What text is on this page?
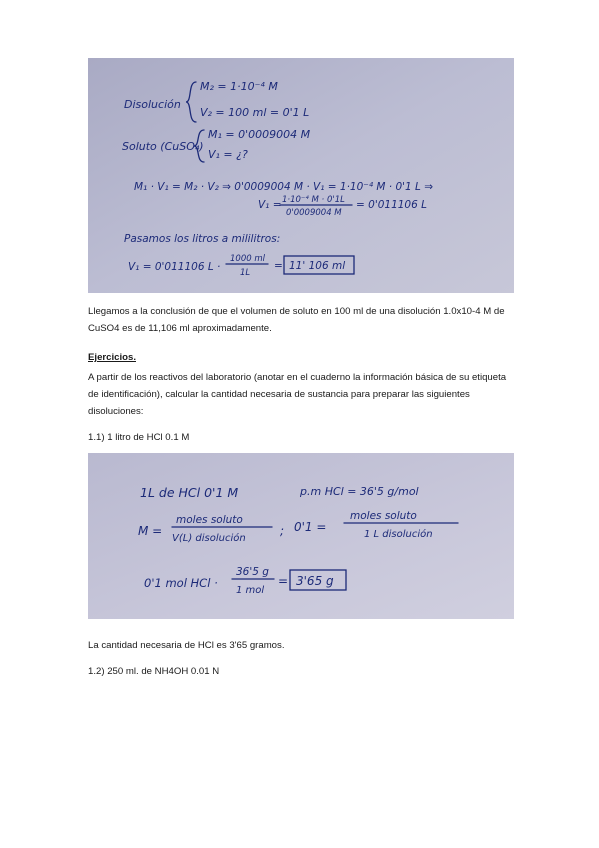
Disolución
M₂ = 1·10⁻⁴ M
V₂ = 100 ml = 0'1 L
Soluto (CuSO₄)
M₁ = 0'0009004 M
V₁ = ¿?
M₁ · V₁ = M₂ · V₂ ⇒ 0'0009004 M · V₁ = 1·10⁻⁴ M · 0'1 L ⇒
V₁ = 1·10⁻⁴ M · 0'1L
0'0009004 M
= 0'011106 L
Pasamos los litros a mililitros:
V₁ = 0'011106 L ·
1000 ml
1L
= 11' 106 ml

Llegamos a la conclusión de que el volumen de soluto en 100 ml de una disolución 1.0x10-4 M de CuSO4 es de 11,106 ml aproximadamente.

Ejercicios.

A partir de los reactivos del laboratorio (anotar en el cuaderno la información básica de su etiqueta de identificación), calcular la cantidad necesaria de sustancia para preparar las siguientes disoluciones:

1.1) 1 litro de HCl 0.1 M

1L de HCl 0'1 M	p.m HCl = 36'5 g/mol
M =
moles soluto
V(L) disolución
; 0'1 =
moles soluto
1 L disolución
0'1 mol HCl ·
36'5 g
1 mol
= 3'65 g

La cantidad necesaria de HCl es 3'65 gramos.

1.2) 250 ml. de NH4OH 0.01 N
